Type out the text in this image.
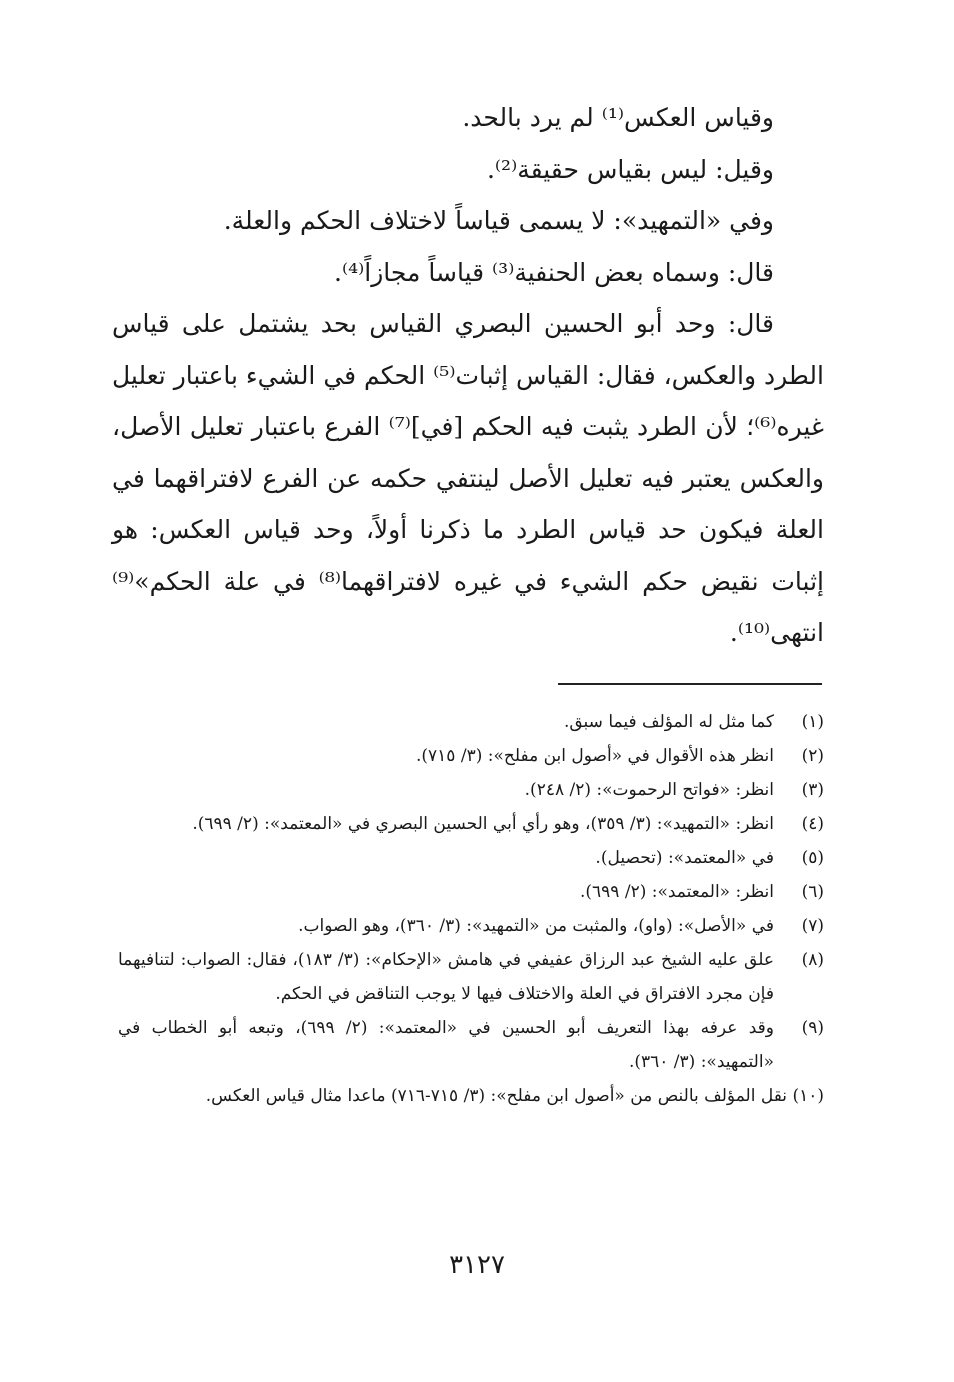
وقياس العكس⁽¹⁾ لم يرد بالحد.

وقيل: ليس بقياس حقيقة⁽²⁾.

وفي «التمهيد»: لا يسمى قياساً لاختلاف الحكم والعلة.

قال: وسماه بعض الحنفية⁽³⁾ قياساً مجازاً⁽⁴⁾.

قال: وحد أبو الحسين البصري القياس بحد يشتمل على قياس الطرد والعكس، فقال: القياس إثبات⁽⁵⁾ الحكم في الشيء باعتبار تعليل غيره⁽⁶⁾؛ لأن الطرد يثبت فيه الحكم [في]⁽⁷⁾ الفرع باعتبار تعليل الأصل، والعكس يعتبر فيه تعليل الأصل لينتفي حكمه عن الفرع لافتراقهما في العلة فيكون حد قياس الطرد ما ذكرنا أولاً، وحد قياس العكس: هو إثبات نقيض حكم الشيء في غيره لافتراقهما⁽⁸⁾ في علة الحكم»⁽⁹⁾ انتهى⁽¹⁰⁾.

(١)
كما مثل له المؤلف فيما سبق.
(٢)
انظر هذه الأقوال في «أصول ابن مفلح»: (٣/ ٧١٥).
(٣)
انظر: «فواتح الرحموت»: (٢/ ٢٤٨).
(٤)
انظر: «التمهيد»: (٣/ ٣٥٩)، وهو رأي أبي الحسين البصري في «المعتمد»: (٢/ ٦٩٩).
(٥)
في «المعتمد»: (تحصيل).
(٦)
انظر: «المعتمد»: (٢/ ٦٩٩).
(٧)
في «الأصل»: (واو)، والمثبت من «التمهيد»: (٣/ ٣٦٠)، وهو الصواب.
(٨)
علق عليه الشيخ عبد الرزاق عفيفي في هامش «الإحكام»: (٣/ ١٨٣)، فقال: الصواب: لتنافيهما فإن مجرد الافتراق في العلة والاختلاف فيها لا يوجب التناقض في الحكم.
(٩)
وقد عرفه بهذا التعريف أبو الحسين في «المعتمد»: (٢/ ٦٩٩)، وتبعه أبو الخطاب في «التمهيد»: (٣/ ٣٦٠).
(١٠) نقل المؤلف بالنص من «أصول ابن مفلح»: (٣/ ٧١٥-٧١٦) ماعدا مثال قياس العكس.
٣١٢٧
